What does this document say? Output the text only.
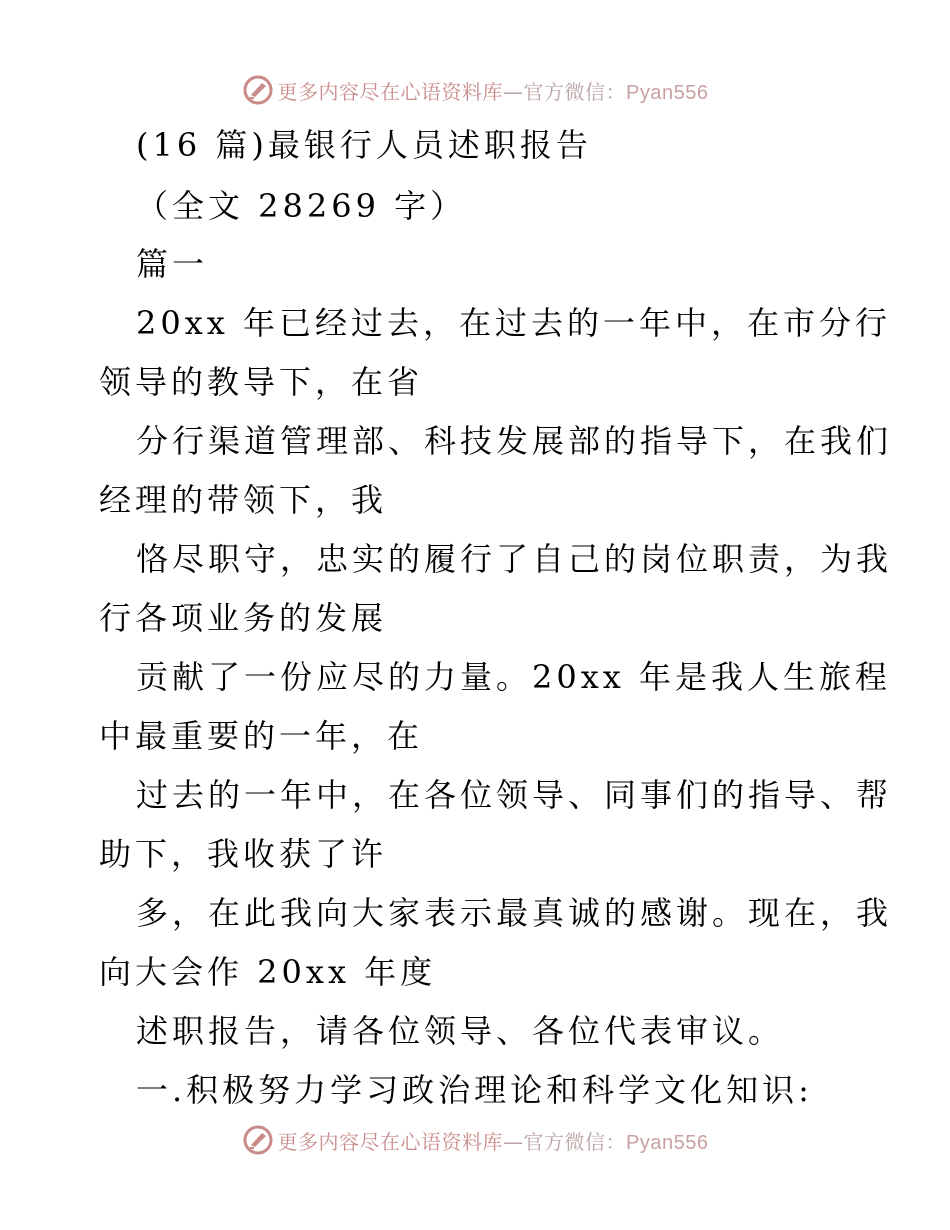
更多内容尽在心语资料库—官方微信：Pyan556
(16 篇)最银行人员述职报告
（全文 28269 字）
篇一
20xx 年已经过去，在过去的一年中，在市分行
领导的教导下，在省
分行渠道管理部、科技发展部的指导下，在我们
经理的带领下，我
恪尽职守，忠实的履行了自己的岗位职责，为我
行各项业务的发展
贡献了一份应尽的力量。20xx 年是我人生旅程
中最重要的一年，在
过去的一年中，在各位领导、同事们的指导、帮
助下，我收获了许
多，在此我向大家表示最真诚的感谢。现在，我
向大会作 20xx 年度
述职报告，请各位领导、各位代表审议。
一.积极努力学习政治理论和科学文化知识:
更多内容尽在心语资料库—官方微信：Pyan556
